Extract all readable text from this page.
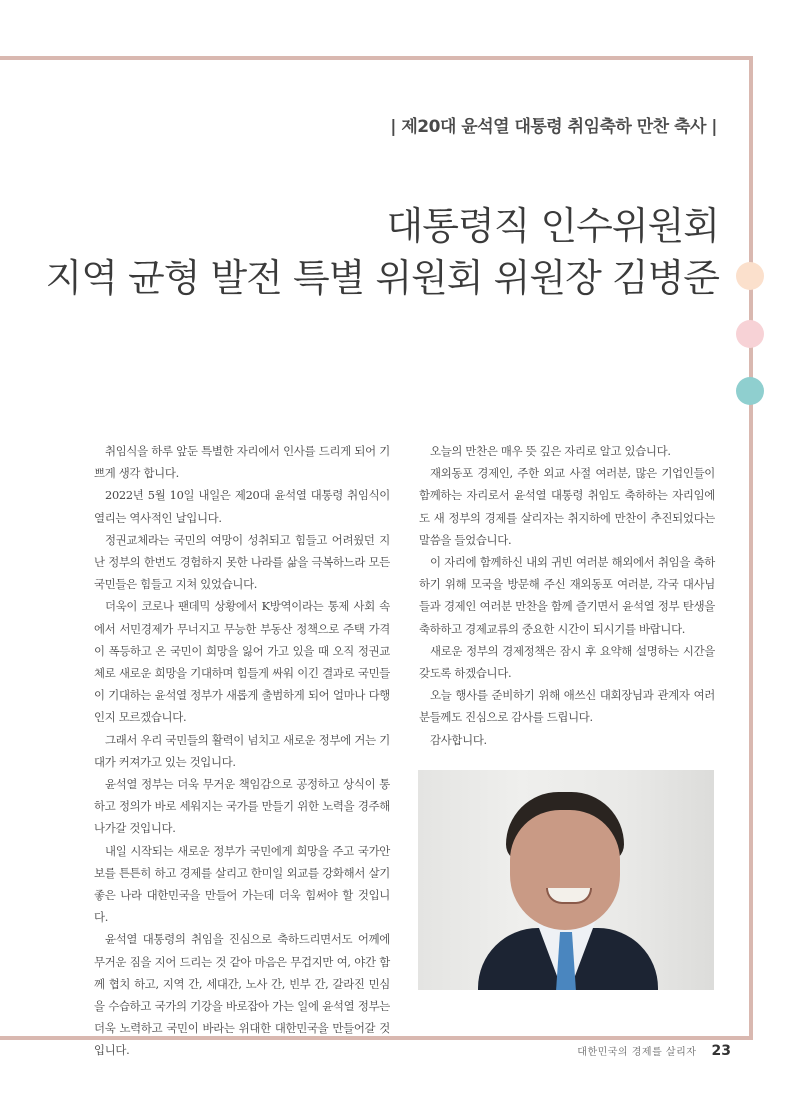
| 제20대 윤석열 대통령 취임축하 만찬 축사 |
대통령직 인수위원회
지역 균형 발전 특별 위원회 위원장 김병준

취임식을 하루 앞둔 특별한 자리에서 인사를 드리게 되어 기쁘게 생각 합니다.

2022년 5월 10일 내일은 제20대 윤석열 대통령 취임식이 열리는 역사적인 날입니다.

정권교체라는 국민의 여망이 성취되고 힘들고 어려웠던 지난 정부의 한번도 경험하지 못한 나라를 삶을 극복하느라 모든 국민들은 힘들고 지쳐 있었습니다.

더욱이 코로나 팬데믹 상황에서 K방역이라는 통제 사회 속에서 서민경제가 무너지고 무능한 부동산 정책으로 주택 가격이 폭등하고 온 국민이 희망을 잃어 가고 있을 때 오직 정권교체로 새로운 희망을 기대하며 힘들게 싸워 이긴 결과로 국민들이 기대하는 윤석열 정부가 새롭게 출범하게 되어 얼마나 다행인지 모르겠습니다.

그래서 우리 국민들의 활력이 넘치고 새로운 정부에 거는 기대가 커져가고 있는 것입니다.

윤석열 정부는 더욱 무거운 책임감으로 공정하고 상식이 통하고 정의가 바로 세워지는 국가를 만들기 위한 노력을 경주해 나가갈 것입니다.

내일 시작되는 새로운 정부가 국민에게 희망을 주고 국가안보를 튼튼히 하고 경제를 살리고 한미일 외교를 강화해서 살기 좋은 나라 대한민국을 만들어 가는데 더욱 힘써야 할 것입니다.

윤석열 대통령의 취임을 진심으로 축하드리면서도 어께에 무거운 짐을 지어 드리는 것 같아 마음은 무겁지만 여, 야간 함께 협치 하고, 지역 간, 세대간, 노사 간, 빈부 간, 갈라진 민심을 수습하고 국가의 기강을 바로잡아 가는 일에 윤석열 정부는 더욱 노력하고 국민이 바라는 위대한 대한민국을 만들어갈 것입니다.

오늘의 만찬은 매우 뜻 깊은 자리로 알고 있습니다.

재외동포 경제인, 주한 외교 사절 여러분, 많은 기업인들이 함께하는 자리로서 윤석열 대통령 취임도 축하하는 자리임에도 새 정부의 경제를 살리자는 취지하에 만찬이 추진되었다는 말씀을 들었습니다.

이 자리에 함께하신 내외 귀빈 여러분 해외에서 취임을 축하하기 위해 모국을 방문해 주신 재외동포 여러분, 각국 대사님들과 경제인 여러분 만찬을 함께 즐기면서 윤석열 정부 탄생을 축하하고 경제교류의 중요한 시간이 되시기를 바랍니다.

새로운 정부의 경제정책은 잠시 후 요약해 설명하는 시간을 갖도록 하겠습니다.

오늘 행사를 준비하기 위해 애쓰신 대회장님과 관계자 여러분들께도 진심으로 감사를 드립니다.

감사합니다.

대한민국의 경제를 살리자 23
